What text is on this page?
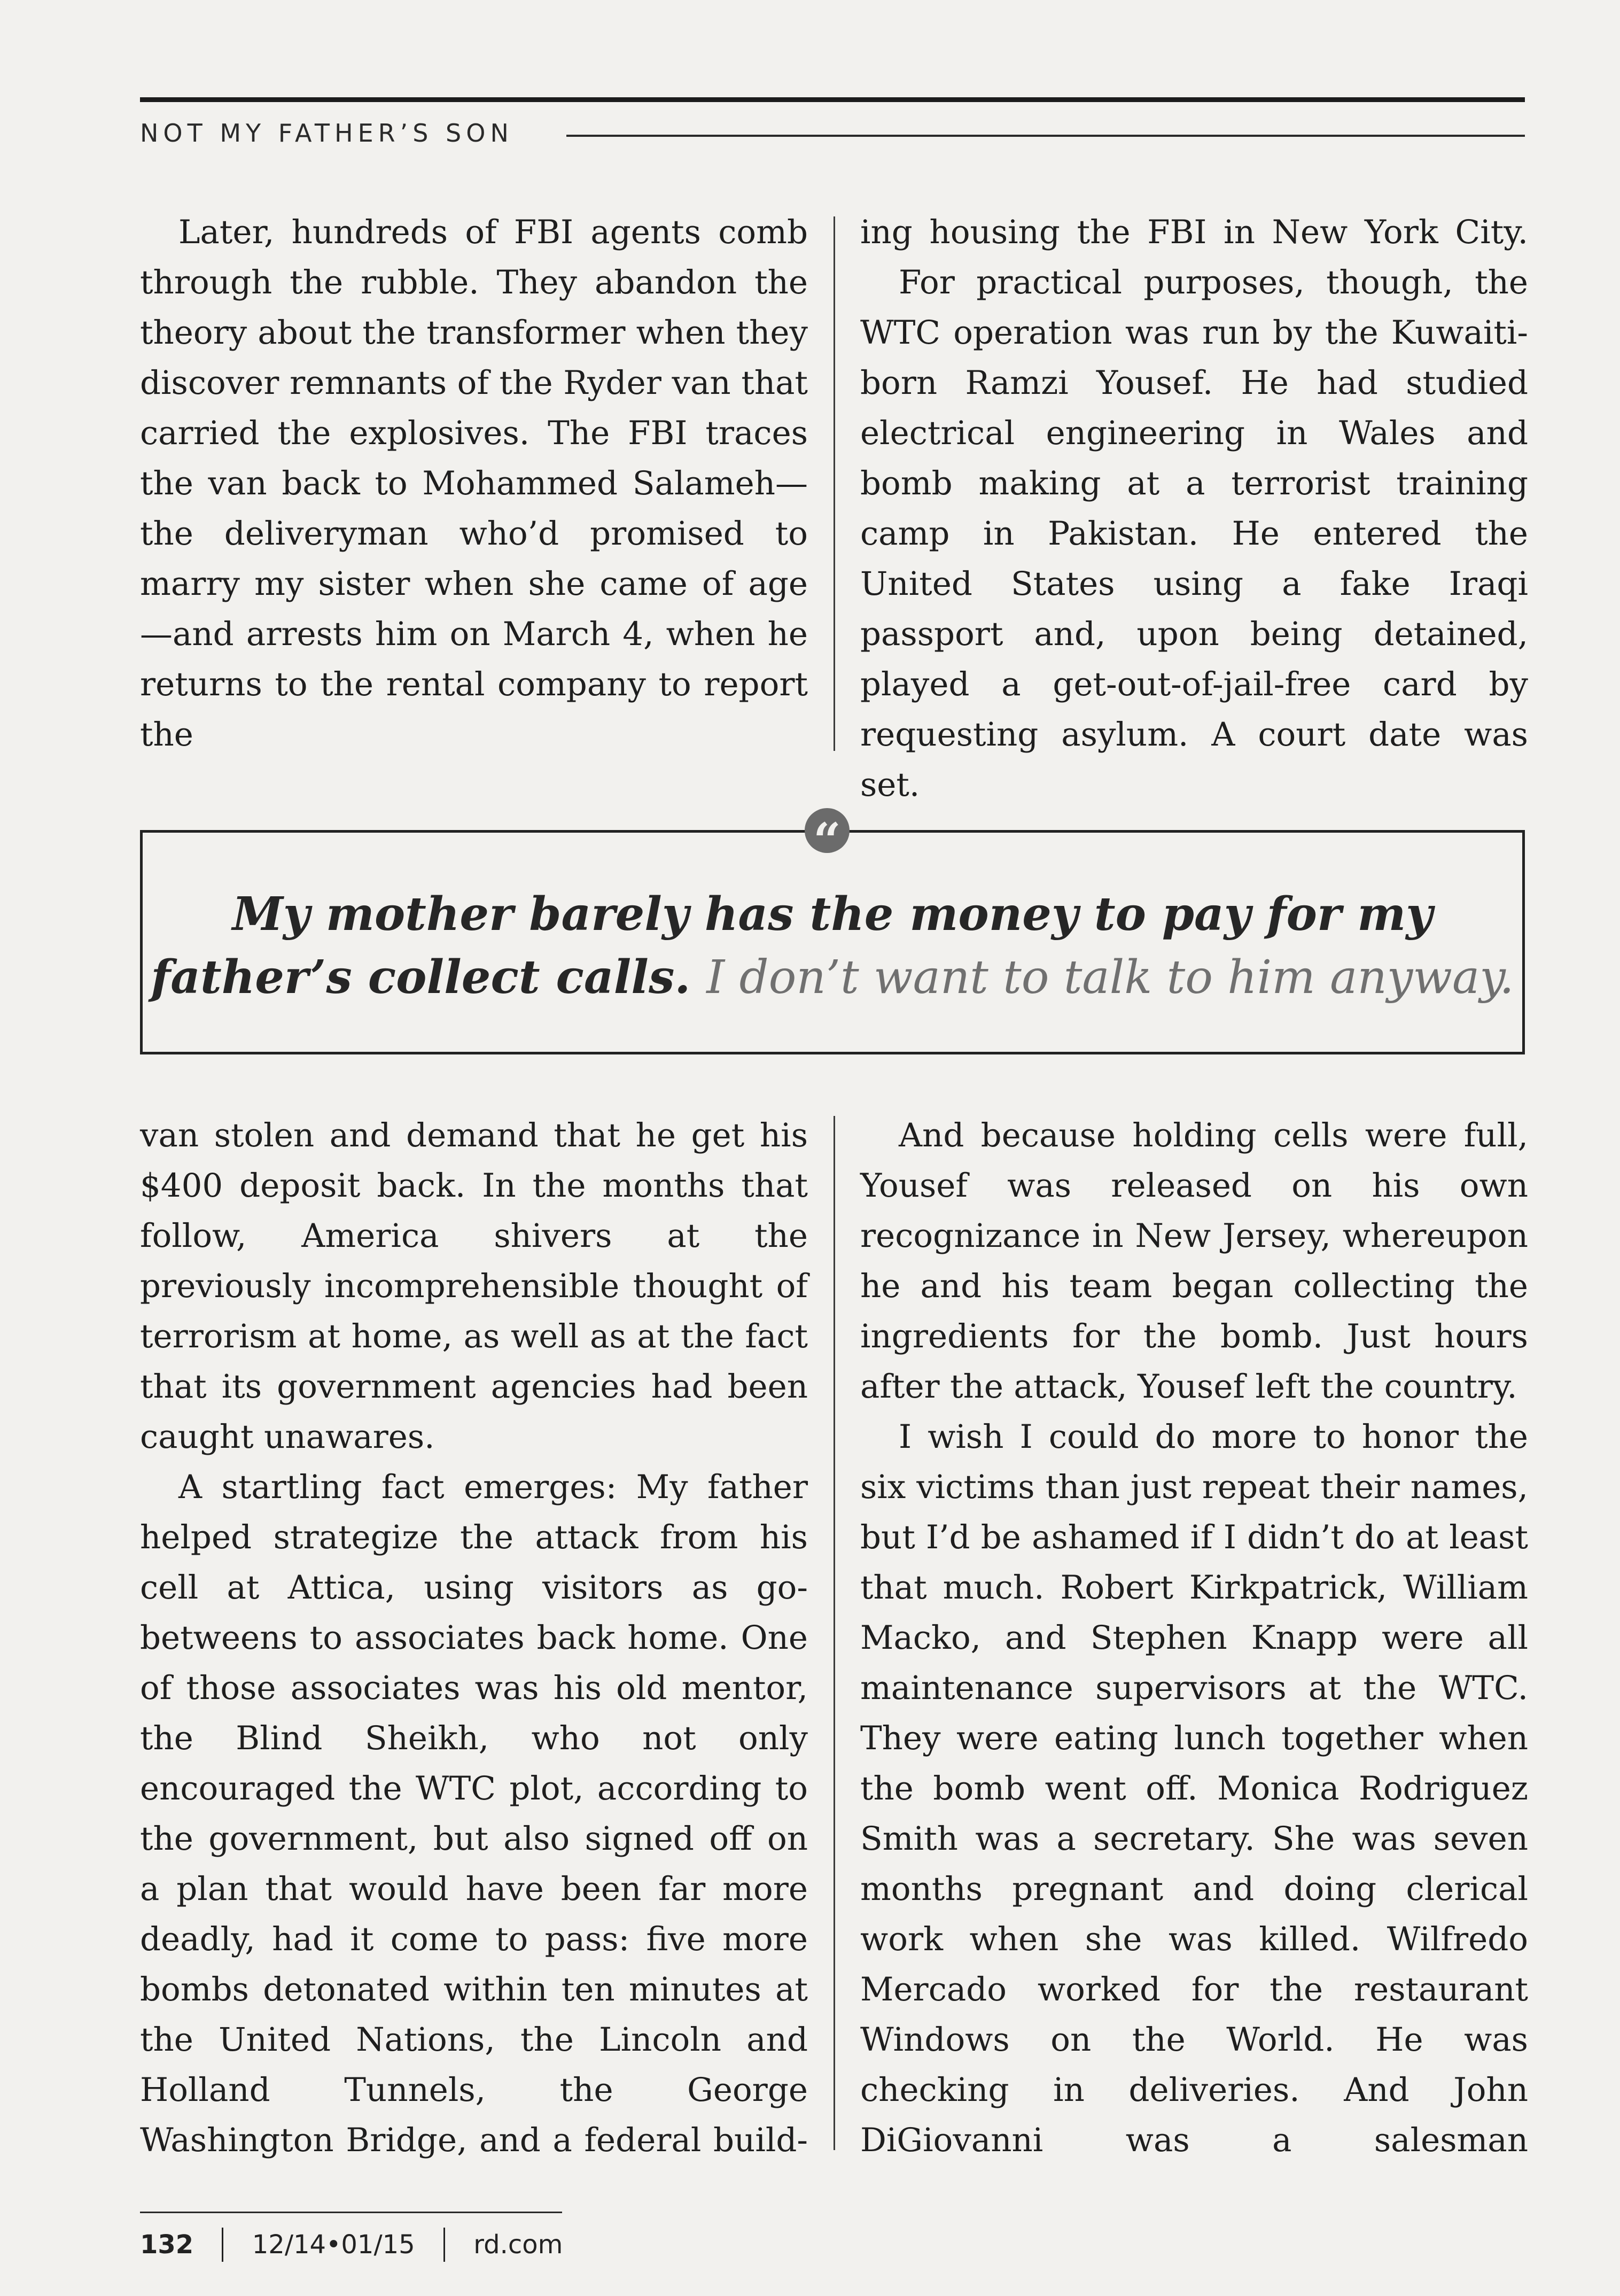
NOT MY FATHER’S SON

Later, hundreds of FBI agents comb through the rubble. They abandon the theory about the transformer when they discover remnants of the Ryder van that carried the explosives. The FBI traces the van back to Mohammed Salameh—the deliveryman who’d promised to marry my sister when she came of age—and arrests him on March 4, when he returns to the rental company to report the

ing housing the FBI in New York City.

For practical purposes, though, the WTC operation was run by the Kuwaiti-born Ramzi Yousef. He had studied electrical engineering in Wales and bomb making at a terrorist training camp in Pakistan. He entered the United States using a fake Iraqi passport and, upon being detained, played a get-out-of-jail-free card by requesting asylum. A court date was set.

“
My mother barely has the money to pay for my father’s collect calls. I don’t want to talk to him anyway.

van stolen and demand that he get his $400 deposit back. In the months that follow, America shivers at the previously incomprehensible thought of terrorism at home, as well as at the fact that its government agencies had been caught unawares.

A startling fact emerges: My father helped strategize the attack from his cell at Attica, using visitors as go-betweens to associates back home. One of those associates was his old mentor, the Blind Sheikh, who not only encouraged the WTC plot, according to the government, but also signed off on a plan that would have been far more deadly, had it come to pass: five more bombs detonated within ten minutes at the United Nations, the Lincoln and Holland Tunnels, the George Washington Bridge, and a federal build-

And because holding cells were full, Yousef was released on his own recognizance in New Jersey, whereupon he and his team began collecting the ingredients for the bomb. Just hours after the attack, Yousef left the country.

I wish I could do more to honor the six victims than just repeat their names, but I’d be ashamed if I didn’t do at least that much. Robert Kirkpatrick, William Macko, and Stephen Knapp were all maintenance supervisors at the WTC. They were eating lunch together when the bomb went off. Monica Rodriguez Smith was a secretary. She was seven months pregnant and doing clerical work when she was killed. Wilfredo Mercado worked for the restaurant Windows on the World. He was checking in deliveries. And John DiGiovanni was a salesman

132 12/14•01/15 rd.com
